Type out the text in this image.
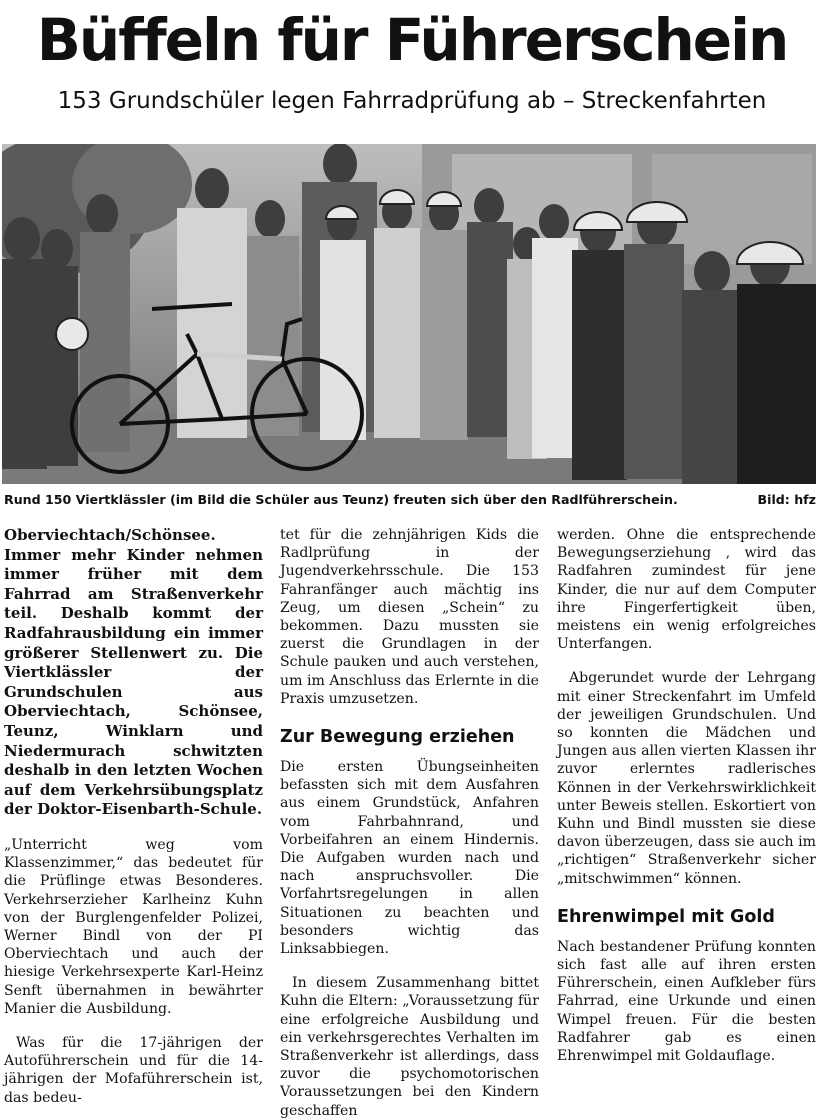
Büffeln für Führerschein
153 Grundschüler legen Fahrradprüfung ab – Streckenfahrten
Rund 150 Viertklässler (im Bild die Schüler aus Teunz) freuten sich über den Radlführerschein.	Bild: hfz

Oberviechtach/Schönsee. Immer mehr Kinder nehmen immer früher mit dem Fahrrad am Straßenverkehr teil. Deshalb kommt der Radfahrausbildung ein immer größerer Stellenwert zu. Die Viertklässler der Grundschulen aus Oberviechtach, Schönsee, Teunz, Winklarn und Niedermurach schwitzten deshalb in den letzten Wochen auf dem Verkehrsübungsplatz der Doktor-Eisenbarth-Schule.

„Unterricht weg vom Klassenzimmer,“ das bedeutet für die Prüflinge etwas Besonderes. Verkehrserzieher Karlheinz Kuhn von der Burglengenfelder Polizei, Werner Bindl von der PI Oberviechtach und auch der hiesige Verkehrsexperte Karl-Heinz Senft übernahmen in bewährter Manier die Ausbildung.

Was für die 17-jährigen der Autoführerschein und für die 14-jährigen der Mofaführerschein ist, das bedeu-

tet für die zehnjährigen Kids die Radlprüfung in der Jugendverkehrsschule. Die 153 Fahranfänger auch mächtig ins Zeug, um diesen „Schein“ zu bekommen. Dazu mussten sie zuerst die Grundlagen in der Schule pauken und auch verstehen, um im Anschluss das Erlernte in die Praxis umzusetzen.

Zur Bewegung erziehen

Die ersten Übungseinheiten befassten sich mit dem Ausfahren aus einem Grundstück, Anfahren vom Fahrbahnrand, und Vorbeifahren an einem Hindernis. Die Aufgaben wurden nach und nach anspruchsvoller. Die Vorfahrtsregelungen in allen Situationen zu beachten und besonders wichtig das Linksabbiegen.

In diesem Zusammenhang bittet Kuhn die Eltern: „Voraussetzung für eine erfolgreiche Ausbildung und ein verkehrsgerechtes Verhalten im Straßenverkehr ist allerdings, dass zuvor die psychomotorischen Voraussetzungen bei den Kindern geschaffen

werden. Ohne die entsprechende Bewegungserziehung , wird das Radfahren zumindest für jene Kinder, die nur auf dem Computer ihre Fingerfertigkeit üben, meistens ein wenig erfolgreiches Unterfangen.

Abgerundet wurde der Lehrgang mit einer Streckenfahrt im Umfeld der jeweiligen Grundschulen. Und so konnten die Mädchen und Jungen aus allen vierten Klassen ihr zuvor erlerntes radlerisches Können in der Verkehrswirklichkeit unter Beweis stellen. Eskortiert von Kuhn und Bindl mussten sie diese davon überzeugen, dass sie auch im „richtigen“ Straßenverkehr sicher „mitschwimmen“ können.

Ehrenwimpel mit Gold

Nach bestandener Prüfung konnten sich fast alle auf ihren ersten Führerschein, einen Aufkleber fürs Fahrrad, eine Urkunde und einen Wimpel freuen. Für die besten Radfahrer gab es einen Ehrenwimpel mit Goldauflage.
